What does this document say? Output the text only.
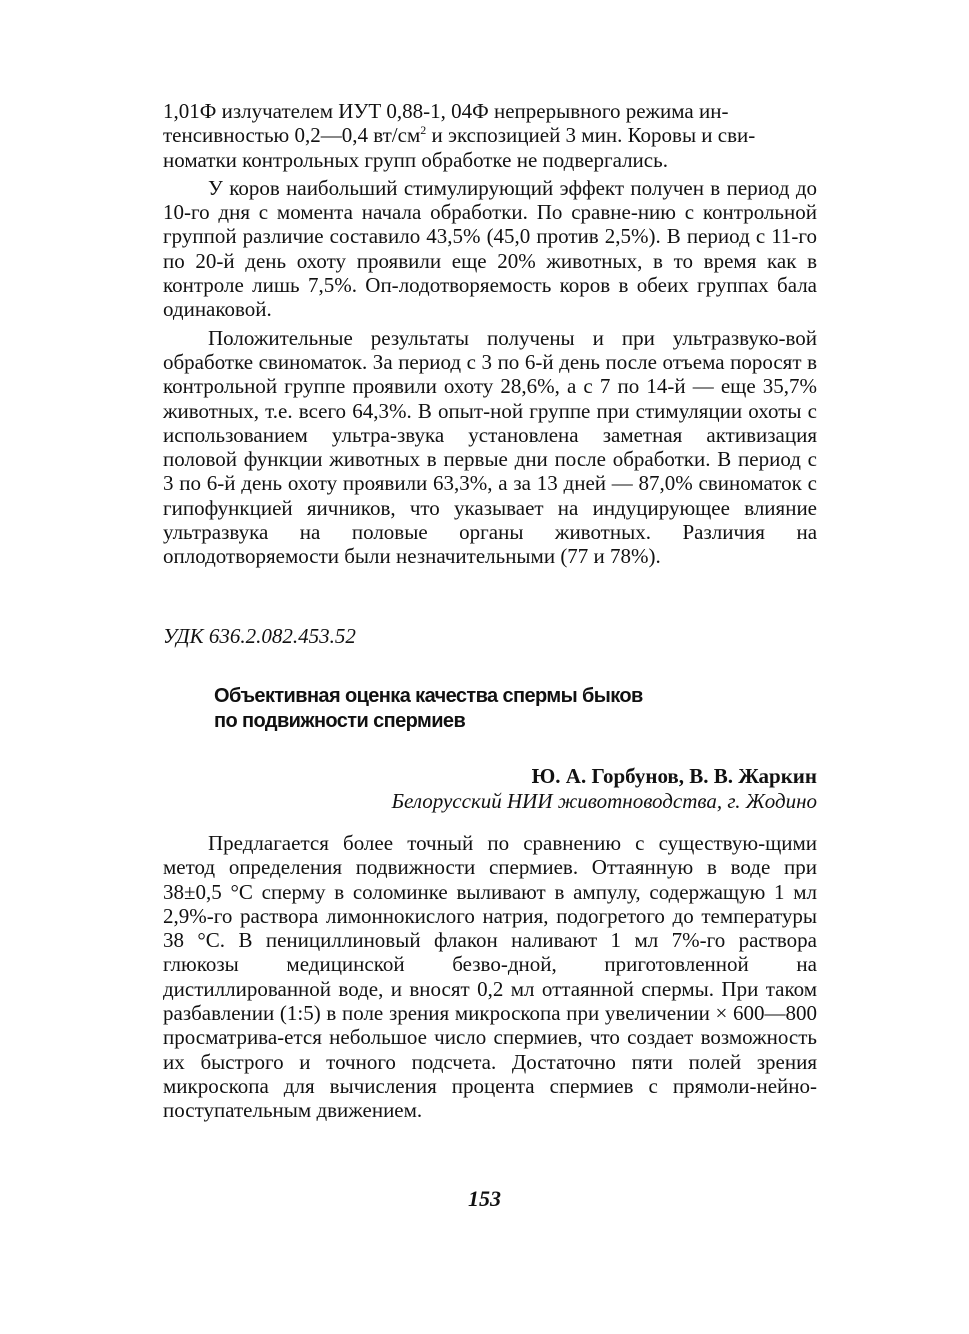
1,01Ф излучателем ИУТ 0,88-1, 04Ф непрерывного режима ин-
тенсивностью 0,2—0,4 $вт/см^2$ и экспозицией 3 мин. Коровы и сви-
номатки контрольных групп обработке не подвергались.

У коров наибольший стимулирующий эффект получен в период до 10-го дня с момента начала обработки. По сравне-нию с контрольной группой различие составило 43,5% (45,0 против 2,5%). В период с 11-го по 20-й день охоту проявили еще 20% животных, в то время как в контроле лишь 7,5%. Оп-лодотворяемость коров в обеих группах бала одинаковой.

Положительные результаты получены и при ультразвуко-вой обработке свиноматок. За период с 3 по 6-й день после отъема поросят в контрольной группе проявили охоту 28,6%, а с 7 по 14-й — еще 35,7% животных, т.е. всего 64,3%. В опыт-ной группе при стимуляции охоты с использованием ультра-звука установлена заметная активизация половой функции животных в первые дни после обработки. В период с 3 по 6-й день охоту проявили 63,3%, а за 13 дней — 87,0% свиноматок с гипофункцией яичников, что указывает на индуцирующее влияние ультразвука на половые органы животных. Различия на оплодотворяемости были незначительными (77 и 78%).

УДК 636.2.082.453.52

Объективная оценка качества спермы быков
по подвижности спермиев

Ю. А. Горбунов, В. В. Жаркин

Белорусский НИИ животноводства, г. Жодино

Предлагается более точный по сравнению с существую-щими метод определения подвижности спермиев. Оттаянную в воде при 38±0,5 °С сперму в соломинке выливают в ампулу, содержащую 1 мл 2,9%-го раствора лимоннокислого натрия, подогретого до температуры 38 °С. В пенициллиновый флакон наливают 1 мл 7%-го раствора глюкозы медицинской безво-дной, приготовленной на дистиллированной воде, и вносят 0,2 мл оттаянной спермы. При таком разбавлении (1:5) в поле зрения микроскопа при увеличении × 600—800 просматрива-ется небольшое число спермиев, что создает возможность их быстрого и точного подсчета. Достаточно пяти полей зрения микроскопа для вычисления процента спермиев с прямоли-нейно-поступательным движением.

153
